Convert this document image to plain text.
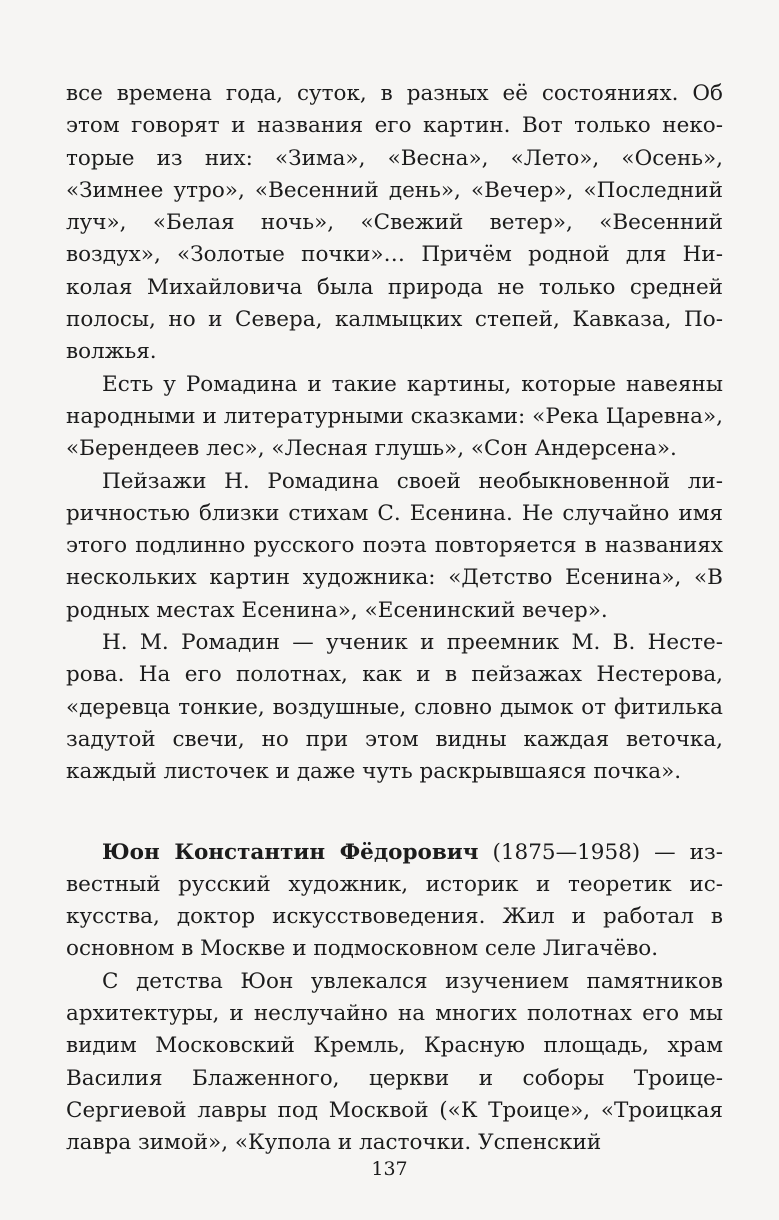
все времена года, суток, в разных её состояниях. Об этом говорят и названия его картин. Вот только некоторые из них: «Зима», «Весна», «Лето», «Осень», «Зимнее утро», «Весенний день», «Вечер», «Последний луч», «Белая ночь», «Свежий ветер», «Весенний воздух», «Золотые почки»… Причём родной для Николая Михайловича была природа не только средней полосы, но и Севера, калмыцких степей, Кавказа, Поволжья.

Есть у Ромадина и такие картины, которые навеяны народными и литературными сказками: «Река Царевна», «Берендеев лес», «Лесная глушь», «Сон Андерсена».

Пейзажи Н. Ромадина своей необыкновенной лиричностью близки стихам С. Есенина. Не случайно имя этого подлинно русского поэта повторяется в названиях нескольких картин художника: «Детство Есенина», «В родных местах Есенина», «Есенинский вечер».

Н. М. Ромадин — ученик и преемник М. В. Нестерова. На его полотнах, как и в пейзажах Нестерова, «деревца тонкие, воздушные, словно дымок от фитилька задутой свечи, но при этом видны каждая веточка, каждый листочек и даже чуть раскрывшаяся почка».

Юон Константин Фёдорович (1875—1958) — известный русский художник, историк и теоретик искусства, доктор искусствоведения. Жил и работал в основном в Москве и подмосковном селе Лигачёво.

С детства Юон увлекался изучением памятников архитектуры, и неслучайно на многих полотнах его мы видим Московский Кремль, Красную площадь, храм Василия Блаженного, церкви и соборы Троице-Сергиевой лавры под Москвой («К Троице», «Троицкая лавра зимой», «Купола и ласточки. Успенский

137
